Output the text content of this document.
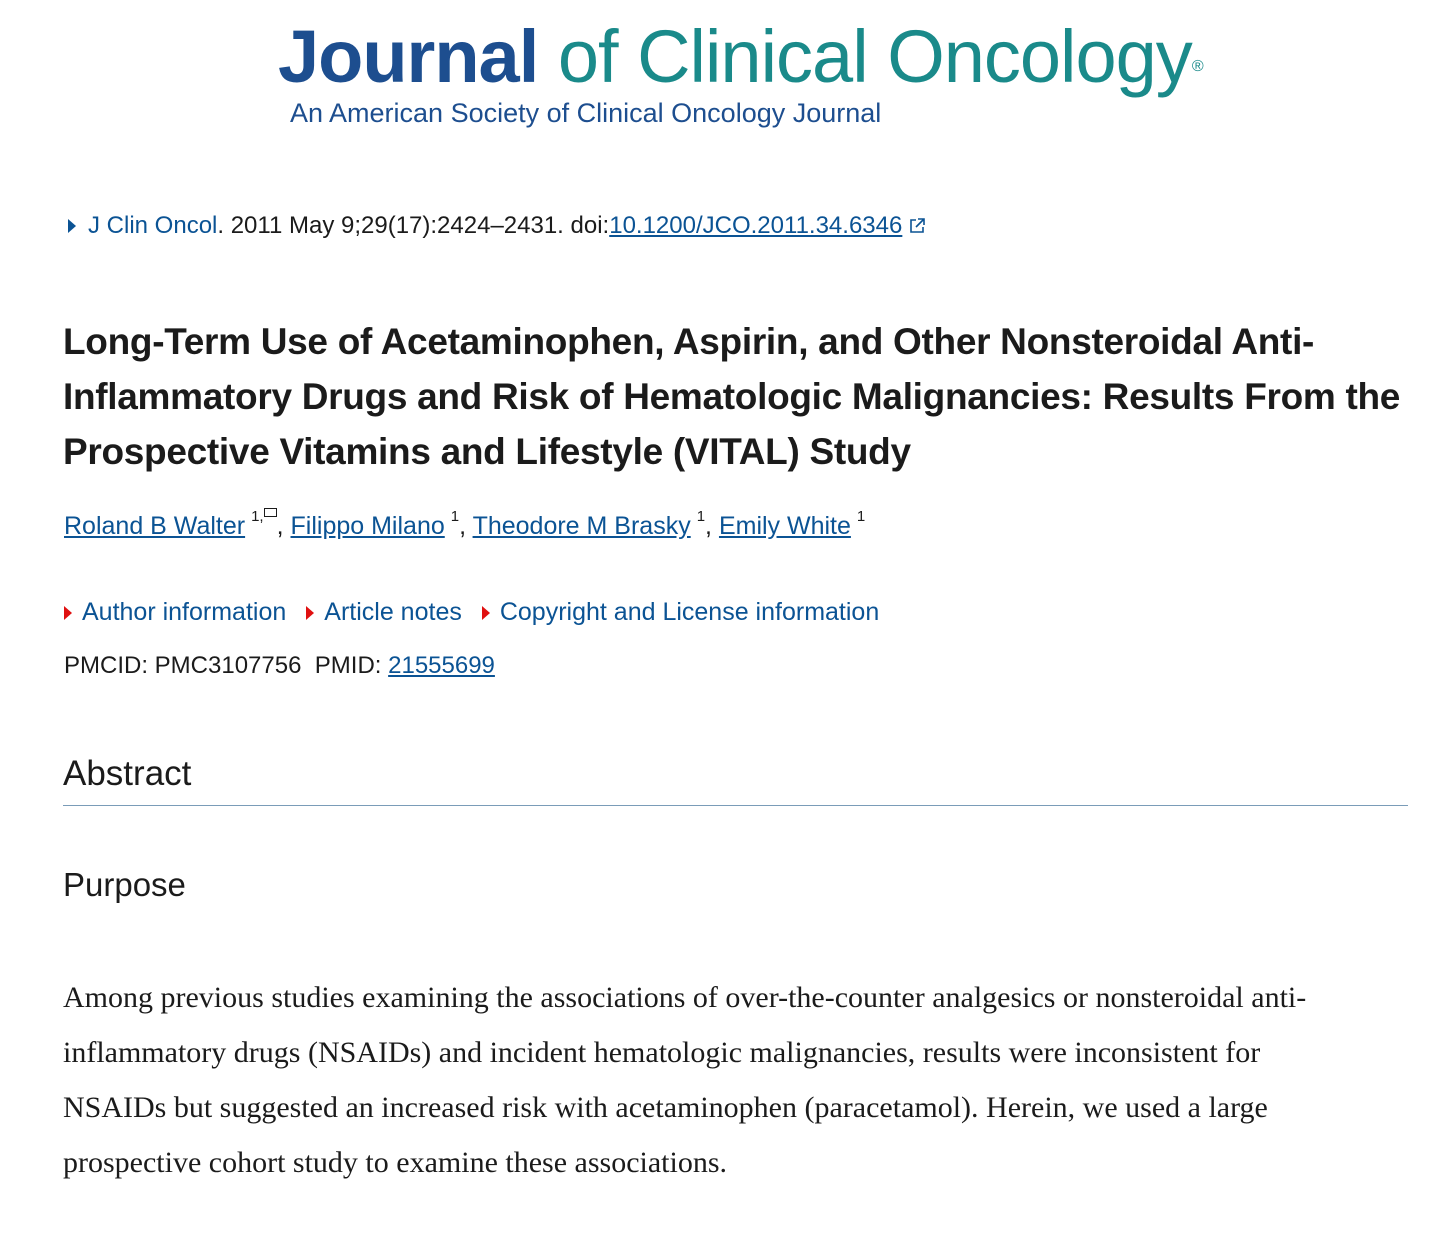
Journal of Clinical Oncology®
An American Society of Clinical Oncology Journal
J Clin Oncol . 2011 May 9;29(17):2424–2431. doi: 10.1200/JCO.2011.34.6346
Long-Term Use of Acetaminophen, Aspirin, and Other Nonsteroidal Anti-Inflammatory Drugs and Risk of Hematologic Malignancies: Results From the Prospective Vitamins and Lifestyle (VITAL) Study
Roland B Walter $^{1,}$ , Filippo Milano $^1$, Theodore M Brasky $^1$, Emily White $^1$
Author information Article notes Copyright and License information
PMCID: PMC3107756 PMID: 21555699
Abstract
Purpose

Among previous studies examining the associations of over-the-counter analgesics or nonsteroidal anti-inflammatory drugs (NSAIDs) and incident hematologic malignancies, results were inconsistent for NSAIDs but suggested an increased risk with acetaminophen (paracetamol). Herein, we used a large prospective cohort study to examine these associations.
